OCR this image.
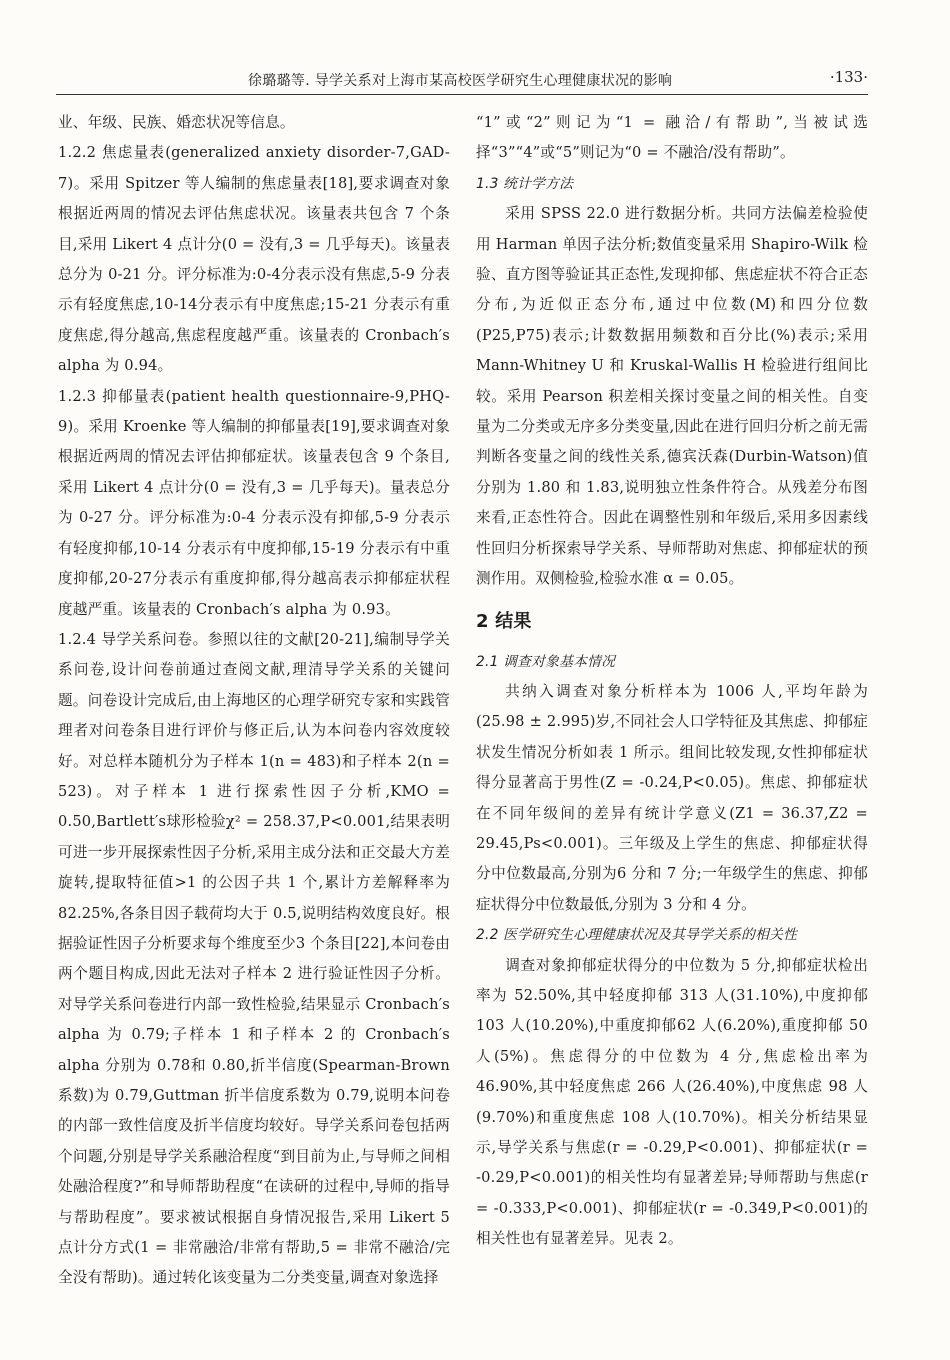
徐璐璐等. 导学关系对上海市某高校医学研究生心理健康状况的影响	·133·

业、年级、民族、婚恋状况等信息。

1.2.2 焦虑量表(generalized anxiety disorder-7,GAD-7)。采用 Spitzer 等人编制的焦虑量表[18],要求调查对象根据近两周的情况去评估焦虑状况。该量表共包含 7 个条目,采用 Likert 4 点计分(0 = 没有,3 = 几乎每天)。该量表总分为 0-21 分。评分标准为:0-4分表示没有焦虑,5-9 分表示有轻度焦虑,10-14分表示有中度焦虑;15-21 分表示有重度焦虑,得分越高,焦虑程度越严重。该量表的 Cronbach′s alpha 为 0.94。

1.2.3 抑郁量表(patient health questionnaire-9,PHQ-9)。采用 Kroenke 等人编制的抑郁量表[19],要求调查对象根据近两周的情况去评估抑郁症状。该量表包含 9 个条目,采用 Likert 4 点计分(0 = 没有,3 = 几乎每天)。量表总分为 0-27 分。评分标准为:0-4 分表示没有抑郁,5-9 分表示有轻度抑郁,10-14 分表示有中度抑郁,15-19 分表示有中重度抑郁,20-27分表示有重度抑郁,得分越高表示抑郁症状程度越严重。该量表的 Cronbach′s alpha 为 0.93。

1.2.4 导学关系问卷。参照以往的文献[20-21],编制导学关系问卷,设计问卷前通过查阅文献,理清导学关系的关键问题。问卷设计完成后,由上海地区的心理学研究专家和实践管理者对问卷条目进行评价与修正后,认为本问卷内容效度较好。对总样本随机分为子样本 1(n = 483)和子样本 2(n = 523)。对子样本 1 进行探索性因子分析,KMO = 0.50,Bartlett′s球形检验χ² = 258.37,P<0.001,结果表明可进一步开展探索性因子分析,采用主成分法和正交最大方差旋转,提取特征值>1 的公因子共 1 个,累计方差解释率为 82.25%,各条目因子载荷均大于 0.5,说明结构效度良好。根据验证性因子分析要求每个维度至少3 个条目[22],本问卷由两个题目构成,因此无法对子样本 2 进行验证性因子分析。对导学关系问卷进行内部一致性检验,结果显示 Cronbach′s alpha 为 0.79;子样本 1 和子样本 2 的 Cronbach′s alpha 分别为 0.78和 0.80,折半信度(Spearman-Brown 系数)为 0.79,Guttman 折半信度系数为 0.79,说明本问卷的内部一致性信度及折半信度均较好。导学关系问卷包括两个问题,分别是导学关系融洽程度“到目前为止,与导师之间相处融洽程度?”和导师帮助程度“在读研的过程中,导师的指导与帮助程度”。要求被试根据自身情况报告,采用 Likert 5 点计分方式(1 = 非常融洽/非常有帮助,5 = 非常不融洽/完全没有帮助)。通过转化该变量为二分类变量,调查对象选择

“1”或“2”则记为“1 = 融洽/有帮助”,当被试选择“3”“4”或“5”则记为“0 = 不融洽/没有帮助”。

1.3 统计学方法

采用 SPSS 22.0 进行数据分析。共同方法偏差检验使用 Harman 单因子法分析;数值变量采用 Shapiro-Wilk 检验、直方图等验证其正态性,发现抑郁、焦虑症状不符合正态分布,为近似正态分布,通过中位数(M)和四分位数(P25,P75)表示;计数数据用频数和百分比(%)表示;采用 Mann-Whitney U 和 Kruskal-Wallis H 检验进行组间比较。采用 Pearson 积差相关探讨变量之间的相关性。自变量为二分类或无序多分类变量,因此在进行回归分析之前无需判断各变量之间的线性关系,德宾沃森(Durbin-Watson)值分别为 1.80 和 1.83,说明独立性条件符合。从残差分布图来看,正态性符合。因此在调整性别和年级后,采用多因素线性回归分析探索导学关系、导师帮助对焦虑、抑郁症状的预测作用。双侧检验,检验水准 α = 0.05。

2 结果

2.1 调查对象基本情况

共纳入调查对象分析样本为 1006 人,平均年龄为(25.98 ± 2.995)岁,不同社会人口学特征及其焦虑、抑郁症状发生情况分析如表 1 所示。组间比较发现,女性抑郁症状得分显著高于男性(Z = -0.24,P<0.05)。焦虑、抑郁症状在不同年级间的差异有统计学意义(Z1 = 36.37,Z2 = 29.45,Ps<0.001)。三年级及上学生的焦虑、抑郁症状得分中位数最高,分别为6 分和 7 分;一年级学生的焦虑、抑郁症状得分中位数最低,分别为 3 分和 4 分。

2.2 医学研究生心理健康状况及其导学关系的相关性

调查对象抑郁症状得分的中位数为 5 分,抑郁症状检出率为 52.50%,其中轻度抑郁 313 人(31.10%),中度抑郁 103 人(10.20%),中重度抑郁62 人(6.20%),重度抑郁 50 人(5%)。焦虑得分的中位数为 4 分,焦虑检出率为 46.90%,其中轻度焦虑 266 人(26.40%),中度焦虑 98 人(9.70%)和重度焦虑 108 人(10.70%)。相关分析结果显示,导学关系与焦虑(r = -0.29,P<0.001)、抑郁症状(r = -0.29,P<0.001)的相关性均有显著差异;导师帮助与焦虑(r = -0.333,P<0.001)、抑郁症状(r = -0.349,P<0.001)的相关性也有显著差异。见表 2。
